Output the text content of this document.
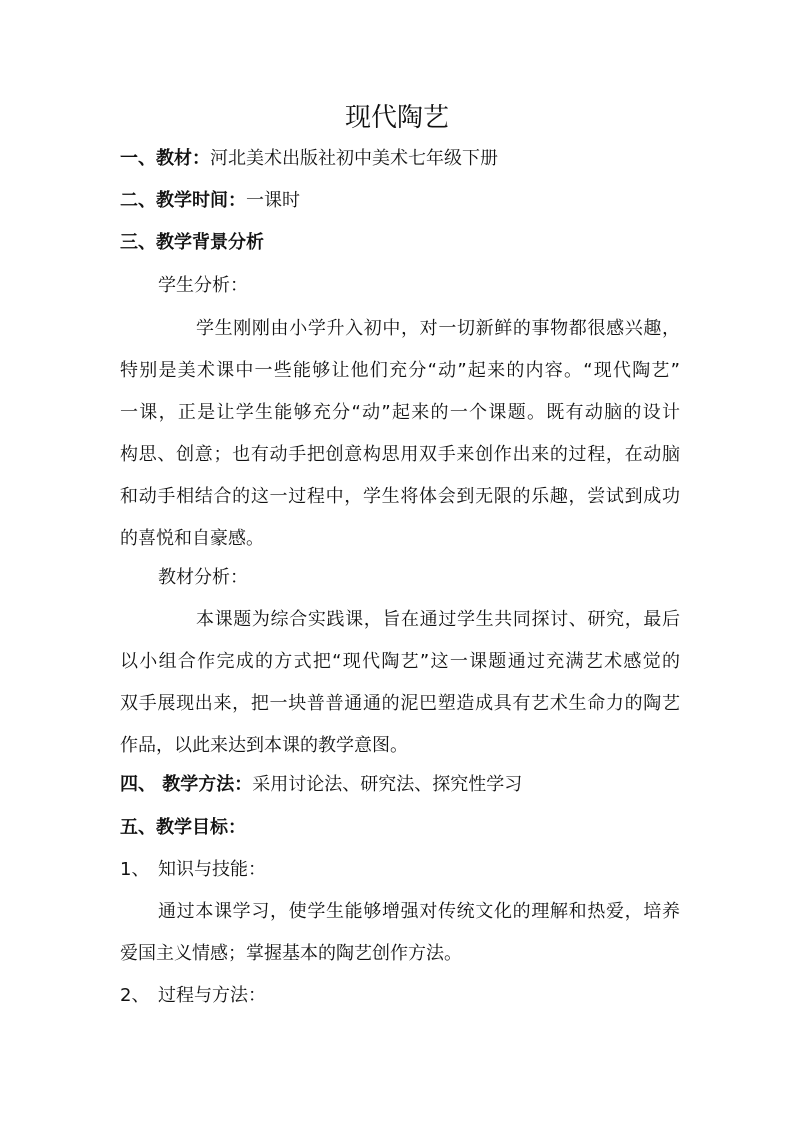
现代陶艺
一、教材：河北美术出版社初中美术七年级下册
二、教学时间：一课时
三、教学背景分析
学生分析：
学生刚刚由小学升入初中，对一切新鲜的事物都很感兴趣，
特别是美术课中一些能够让他们充分“动”起来的内容。“现代陶艺”
一课，正是让学生能够充分“动”起来的一个课题。既有动脑的设计
构思、创意；也有动手把创意构思用双手来创作出来的过程，在动脑
和动手相结合的这一过程中，学生将体会到无限的乐趣，尝试到成功
的喜悦和自豪感。
教材分析：
本课题为综合实践课，旨在通过学生共同探讨、研究，最后
以小组合作完成的方式把“现代陶艺”这一课题通过充满艺术感觉的
双手展现出来，把一块普普通通的泥巴塑造成具有艺术生命力的陶艺
作品，以此来达到本课的教学意图。
四、 教学方法：采用讨论法、研究法、探究性学习
五、教学目标：
1、 知识与技能：
通过本课学习，使学生能够增强对传统文化的理解和热爱，培养
爱国主义情感；掌握基本的陶艺创作方法。
2、 过程与方法：
